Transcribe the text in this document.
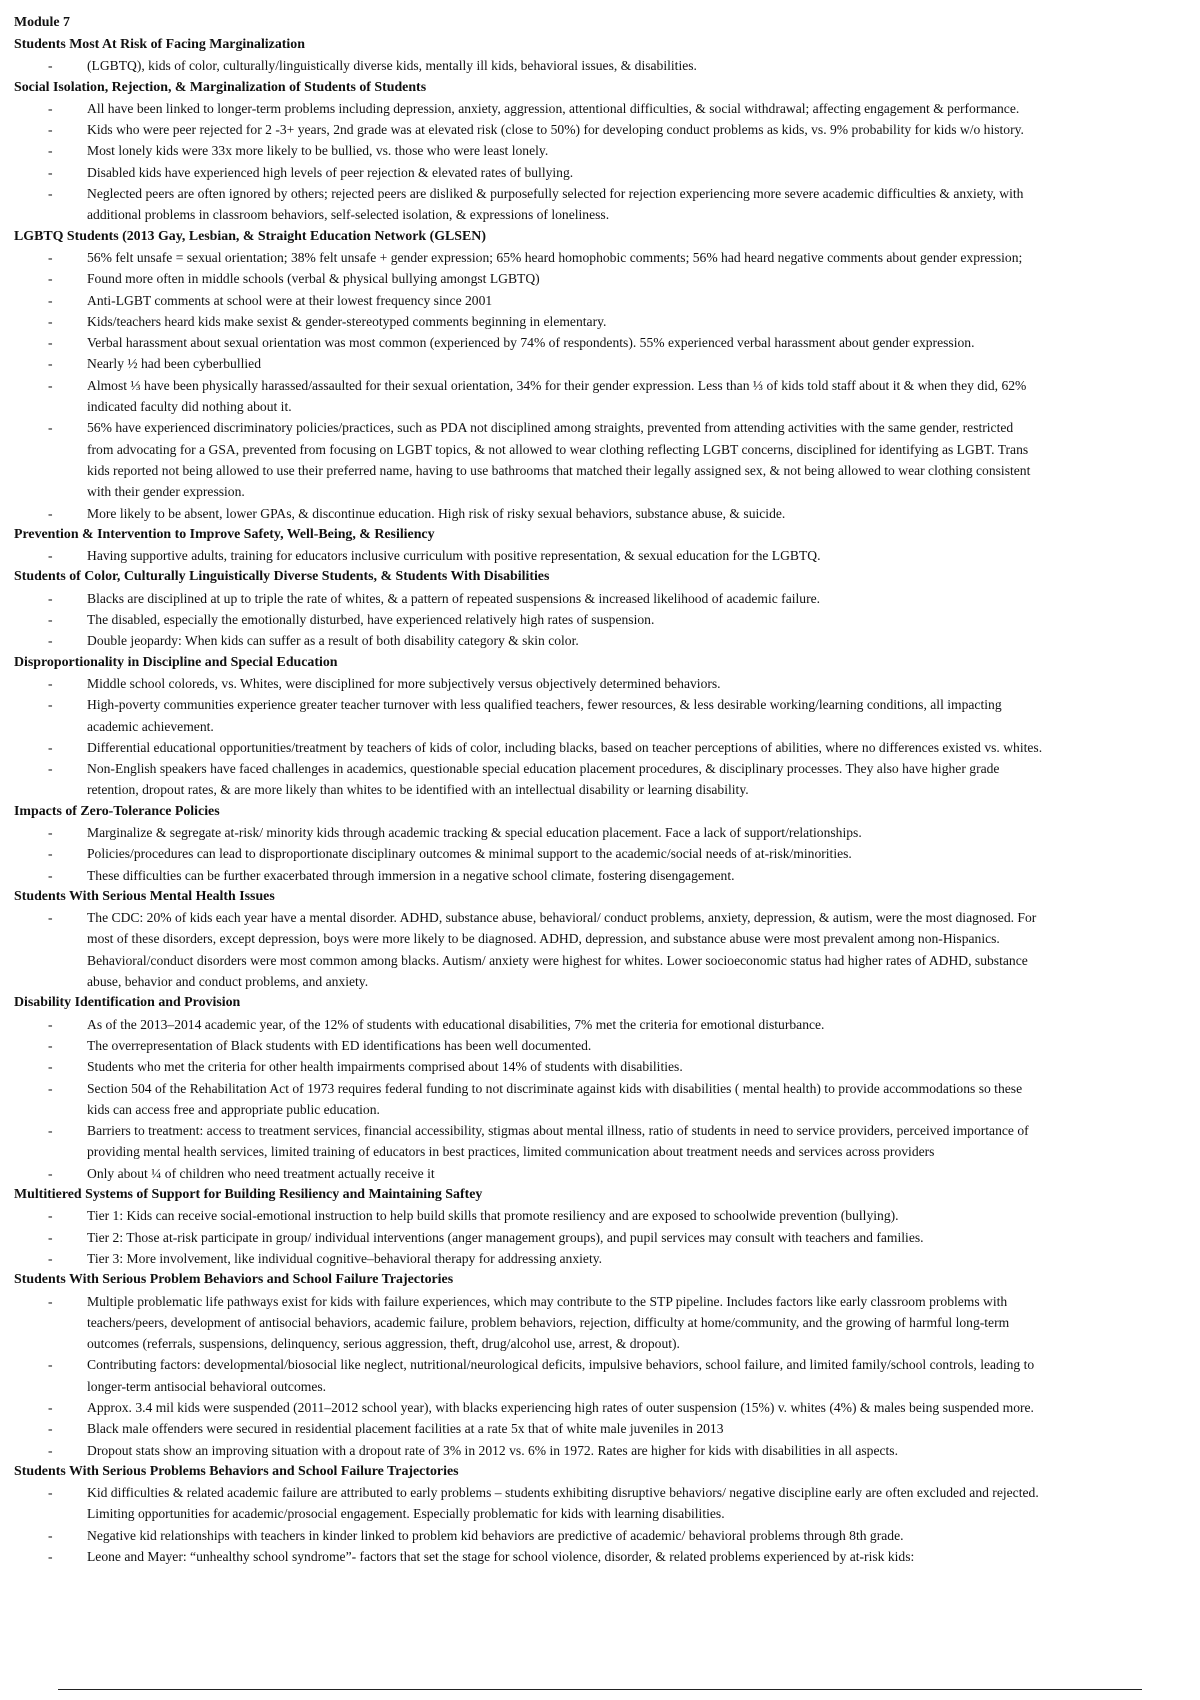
Module 7
Students Most At Risk of Facing Marginalization
-	(LGBTQ), kids of color, culturally/linguistically diverse kids, mentally ill kids, behavioral issues, & disabilities.
Social Isolation, Rejection, & Marginalization of Students of Students
-	All have been linked to longer-term problems including depression, anxiety, aggression, attentional difficulties, & social withdrawal; affecting engagement & performance.
-	Kids who were peer rejected for 2 -3+ years, 2nd grade was at elevated risk (close to 50%) for developing conduct problems as kids, vs. 9% probability for kids w/o history.
-	Most lonely kids were 33x more likely to be bullied, vs. those who were least lonely.
-	Disabled kids have experienced high levels of peer rejection & elevated rates of bullying.
-	Neglected peers are often ignored by others; rejected peers are disliked & purposefully selected for rejection experiencing more severe academic difficulties & anxiety, with
additional problems in classroom behaviors, self-selected isolation, & expressions of loneliness.
LGBTQ Students (2013 Gay, Lesbian, & Straight Education Network (GLSEN)
-	56% felt unsafe = sexual orientation; 38% felt unsafe + gender expression; 65% heard homophobic comments; 56% had heard negative comments about gender expression;
-	Found more often in middle schools (verbal & physical bullying amongst LGBTQ)
-	Anti-LGBT comments at school were at their lowest frequency since 2001
-	Kids/teachers heard kids make sexist & gender-stereotyped comments beginning in elementary.
-	Verbal harassment about sexual orientation was most common (experienced by 74% of respondents). 55% experienced verbal harassment about gender expression.
-	Nearly ½ had been cyberbullied
-	Almost ⅓ have been physically harassed/assaulted for their sexual orientation, 34% for their gender expression. Less than ⅓ of kids told staff about it & when they did, 62%
indicated faculty did nothing about it.
-	56% have experienced discriminatory policies/practices, such as PDA not disciplined among straights, prevented from attending activities with the same gender, restricted
from advocating for a GSA, prevented from focusing on LGBT topics, & not allowed to wear clothing reflecting LGBT concerns, disciplined for identifying as LGBT. Trans
kids reported not being allowed to use their preferred name, having to use bathrooms that matched their legally assigned sex, & not being allowed to wear clothing consistent
with their gender expression.
-	More likely to be absent, lower GPAs, & discontinue education. High risk of risky sexual behaviors, substance abuse, & suicide.
Prevention & Intervention to Improve Safety, Well-Being, & Resiliency
-	Having supportive adults, training for educators inclusive curriculum with positive representation, & sexual education for the LGBTQ.
Students of Color, Culturally Linguistically Diverse Students, & Students With Disabilities
-	Blacks are disciplined at up to triple the rate of whites, & a pattern of repeated suspensions & increased likelihood of academic failure.
-	The disabled, especially the emotionally disturbed, have experienced relatively high rates of suspension.
-	Double jeopardy: When kids can suffer as a result of both disability category & skin color.
Disproportionality in Discipline and Special Education
-	Middle school coloreds, vs. Whites, were disciplined for more subjectively versus objectively determined behaviors.
-	High-poverty communities experience greater teacher turnover with less qualified teachers, fewer resources, & less desirable working/learning conditions, all impacting
academic achievement.
-	Differential educational opportunities/treatment by teachers of kids of color, including blacks, based on teacher perceptions of abilities, where no differences existed vs. whites.
-	Non-English speakers have faced challenges in academics, questionable special education placement procedures, & disciplinary processes. They also have higher grade
retention, dropout rates, & are more likely than whites to be identified with an intellectual disability or learning disability.
Impacts of Zero-Tolerance Policies
-	Marginalize & segregate at-risk/ minority kids through academic tracking & special education placement. Face a lack of support/relationships.
-	Policies/procedures can lead to disproportionate disciplinary outcomes & minimal support to the academic/social needs of at-risk/minorities.
-	These difficulties can be further exacerbated through immersion in a negative school climate, fostering disengagement.
Students With Serious Mental Health Issues
-	The CDC: 20% of kids each year have a mental disorder. ADHD, substance abuse, behavioral/ conduct problems, anxiety, depression, & autism, were the most diagnosed. For
most of these disorders, except depression, boys were more likely to be diagnosed. ADHD, depression, and substance abuse were most prevalent among non-Hispanics.
Behavioral/conduct disorders were most common among blacks. Autism/ anxiety were highest for whites. Lower socioeconomic status had higher rates of ADHD, substance
abuse, behavior and conduct problems, and anxiety.
Disability Identification and Provision
-	As of the 2013–2014 academic year, of the 12% of students with educational disabilities, 7% met the criteria for emotional disturbance.
-	The overrepresentation of Black students with ED identifications has been well documented.
-	Students who met the criteria for other health impairments comprised about 14% of students with disabilities.
-	Section 504 of the Rehabilitation Act of 1973 requires federal funding to not discriminate against kids with disabilities ( mental health) to provide accommodations so these
kids can access free and appropriate public education.
-	Barriers to treatment: access to treatment services, financial accessibility, stigmas about mental illness, ratio of students in need to service providers, perceived importance of
providing mental health services, limited training of educators in best practices, limited communication about treatment needs and services across providers
-	Only about ¼ of children who need treatment actually receive it
Multitiered Systems of Support for Building Resiliency and Maintaining Saftey
-	Tier 1: Kids can receive social-emotional instruction to help build skills that promote resiliency and are exposed to schoolwide prevention (bullying).
-	Tier 2: Those at-risk participate in group/ individual interventions (anger management groups), and pupil services may consult with teachers and families.
-	Tier 3: More involvement, like individual cognitive–behavioral therapy for addressing anxiety.
Students With Serious Problem Behaviors and School Failure Trajectories
-	Multiple problematic life pathways exist for kids with failure experiences, which may contribute to the STP pipeline. Includes factors like early classroom problems with
teachers/peers, development of antisocial behaviors, academic failure, problem behaviors, rejection, difficulty at home/community, and the growing of harmful long-term
outcomes (referrals, suspensions, delinquency, serious aggression, theft, drug/alcohol use, arrest, & dropout).
-	Contributing factors: developmental/biosocial like neglect, nutritional/neurological deficits, impulsive behaviors, school failure, and limited family/school controls, leading to
longer-term antisocial behavioral outcomes.
-	Approx. 3.4 mil kids were suspended (2011–2012 school year), with blacks experiencing high rates of outer suspension (15%) v. whites (4%) & males being suspended more.
-	Black male offenders were secured in residential placement facilities at a rate 5x that of white male juveniles in 2013
-	Dropout stats show an improving situation with a dropout rate of 3% in 2012 vs. 6% in 1972. Rates are higher for kids with disabilities in all aspects.
Students With Serious Problems Behaviors and School Failure Trajectories
-	Kid difficulties & related academic failure are attributed to early problems – students exhibiting disruptive behaviors/ negative discipline early are often excluded and rejected.
Limiting opportunities for academic/prosocial engagement. Especially problematic for kids with learning disabilities.
-	Negative kid relationships with teachers in kinder linked to problem kid behaviors are predictive of academic/ behavioral problems through 8th grade.
-	Leone and Mayer: “unhealthy school syndrome”- factors that set the stage for school violence, disorder, & related problems experienced by at-risk kids:
